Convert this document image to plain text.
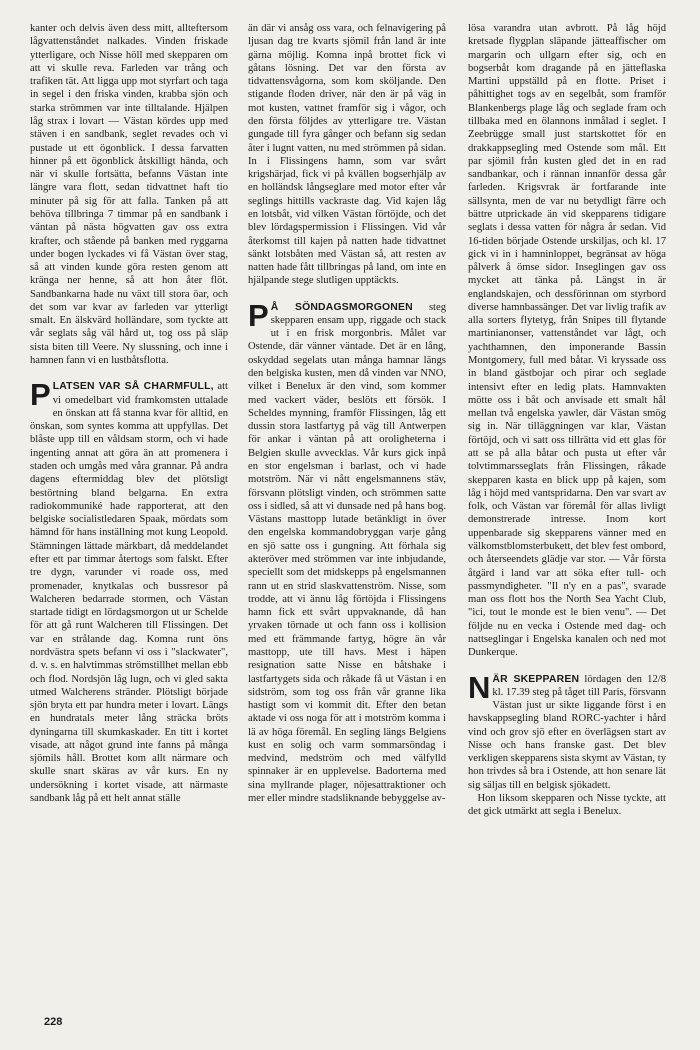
kanter och delvis även dess mitt, allteftersom lågvattenståndet nalkades. Vinden friskade ytterligare, och Nisse höll med skepparen om att vi skulle reva. Farleden var trång och trafiken tät. Att ligga upp mot styrfart och taga in segel i den friska vinden, krabba sjön och starka strömmen var inte tilltalande. Hjälpen låg strax i lovart — Västan kördes upp med stäven i en sandbank, seglet revades och vi pustade ut ett ögonblick. I dessa farvatten hinner på ett ögonblick åtskilligt hända, och när vi skulle fortsätta, befanns Västan inte längre vara flott, sedan tidvattnet haft tio minuter på sig för att falla. Tanken på att behöva tillbringa 7 timmar på en sandbank i väntan på nästa högvatten gav oss extra krafter, och stående på banken med ryggarna under bogen lyckades vi få Västan över stag, så att vinden kunde göra resten genom att kränga ner henne, så att hon åter flöt. Sandbankarna hade nu växt till stora öar, och det som var kvar av farleden var ytterligt smalt. En älskvärd holländare, som tyckte att vår seglats såg väl hård ut, tog oss på släp sista biten till Veere. Ny slussning, och inne i hamnen fann vi en lustbåtsflotta.

PLATSEN VAR SÅ CHARMFULL, att vi omedelbart vid framkomsten uttalade en önskan att få stanna kvar för alltid, en önskan, som syntes komma att uppfyllas. Det blåste upp till en våldsam storm, och vi hade ingenting annat att göra än att promenera i staden och umgås med våra grannar. På andra dagens eftermiddag blev det plötsligt bestörtning bland belgarna. En extra radiokommuniké hade rapporterat, att den belgiske socialistledaren Spaak, mördats som hämnd för hans inställning mot kung Leopold. Stämningen lättade märkbart, då meddelandet efter ett par timmar återtogs som falskt. Efter tre dygn, varunder vi roade oss, med promenader, knytkalas och bussresor på Walcheren bedarrade stormen, och Västan startade tidigt en lördagsmorgon ut ur Schelde för att gå runt Walcheren till Flissingen. Det var en strålande dag. Komna runt öns nordvästra spets befann vi oss i "slackwater", d. v. s. en halvtimmas strömstillhet mellan ebb och flod. Nordsjön låg lugn, och vi gled sakta utmed Walcherens stränder. Plötsligt började sjön bryta ett par hundra meter i lovart. Längs en hundratals meter lång sträcka bröts dyningarna till skumkaskader. En titt i kortet visade, att något grund inte fanns på många sjömils håll. Brottet kom allt närmare och skulle snart skäras av vår kurs. En ny undersökning i kortet visade, att närmaste sandbank låg på ett helt annat ställe

än där vi ansåg oss vara, och felnavigering på ljusan dag tre kvarts sjömil från land är inte gärna möjlig. Komna inpå brottet fick vi gåtans lösning. Det var den första av tidvattensvågorna, som kom sköljande. Den stigande floden driver, när den är på väg in mot kusten, vattnet framför sig i vågor, och den första följdes av ytterligare tre. Västan gungade till fyra gånger och befann sig sedan åter i lugnt vatten, nu med strömmen på sidan. In i Flissingens hamn, som var svårt krigshärjad, fick vi på kvällen bogserhjälp av en holländsk långseglare med motor efter vår seglings hittills vackraste dag. Vid kajen låg en lotsbåt, vid vilken Västan förtöjde, och det blev lördagspermission i Flissingen. Vid vår återkomst till kajen på natten hade tidvattnet sänkt lotsbåten med Västan så, att resten av natten hade fått tillbringas på land, om inte en hjälpande stege slutligen upptäckts.

P Å SÖNDAGSMORGONEN steg skepparen ensam upp, riggade och stack ut i en frisk morgonbris. Målet var Ostende, där vänner väntade. Det är en lång, oskyddad segelats utan många hamnar längs den belgiska kusten, men då vinden var NNO, vilket i Benelux är den vind, som kommer med vackert väder, beslöts ett försök. I Scheldes mynning, framför Flissingen, låg ett dussin stora lastfartyg på väg till Antwerpen för ankar i väntan på att oroligheterna i Belgien skulle avvecklas. Vår kurs gick inpå en stor engelsman i barlast, och vi hade motström. När vi nått engelsmannens stäv, försvann plötsligt vinden, och strömmen satte oss i sidled, så att vi dunsade ned på hans bog. Västans masttopp lutade betänkligt in över den engelska kommandobryggan varje gång en sjö satte oss i gungning. Att förhala sig akteröver med strömmen var inte inbjudande, speciellt som det midskepps på engelsmannen rann ut en strid slaskvattenström. Nisse, som trodde, att vi ännu låg förtöjda i Flissingens hamn fick ett svårt uppvaknande, då han yrvaken törnade ut och fann oss i kollision med ett främmande fartyg, högre än vår masttopp, ute till havs. Mest i häpen resignation satte Nisse en båtshake i lastfartygets sida och råkade få ut Västan i en sidström, som tog oss från vår granne lika hastigt som vi kommit dit. Efter den betan aktade vi oss noga för att i motström komma i lä av höga föremål. En segling längs Belgiens kust en solig och varm sommarsöndag i medvind, medström och med välfylld spinnaker är en upplevelse. Badorterna med sina myllrande plager, nöjesattraktioner och mer eller mindre stadsliknande bebyggelse av-

lösa varandra utan avbrott. På låg höjd kretsade flygplan släpande jätteaffischer om margarin och ullgarn efter sig, och en bogserbåt kom dragande på en jätteflaska Martini uppställd på en flotte. Priset i påhittighet togs av en segelbåt, som framför Blankenbergs plage låg och seglade fram och tillbaka med en ölannons inmålad i seglet. I Zeebrügge small just startskottet för en drakkappsegling med Ostende som mål. Ett par sjömil från kusten gled det in en rad sandbankar, och i rännan innanför dessa går farleden. Krigsvrak är fortfarande inte sällsynta, men de var nu betydligt färre och bättre utprickade än vid skepparens tidigare seglats i dessa vatten för några år sedan. Vid 16-tiden började Ostende urskiljas, och kl. 17 gick vi in i hamninloppet, begränsat av höga pålverk å ömse sidor. Inseglingen gav oss mycket att tänka på. Längst in är englandskajen, och dessförinnan om styrbord diverse hamnbassänger. Det var livlig trafik av alla sorters flytetyg, från Snipes till flytande martinianonser, vattenståndet var lågt, och yachthamnen, den imponerande Bassin Montgomery, full med båtar. Vi kryssade oss in bland gästbojar och pirar och seglade intensivt efter en ledig plats. Hamnvakten mötte oss i båt och anvisade ett smalt hål mellan två engelska yawler, där Västan smög sig in. När tilläggningen var klar, Västan förtöjd, och vi satt oss tillrätta vid ett glas för att se på alla båtar och pusta ut efter vår tolvtimmarsseglats från Flissingen, råkade skepparen kasta en blick upp på kajen, som låg i höjd med vantspridarna. Den var svart av folk, och Västan var föremål för allas livligt demonstrerade intresse. Inom kort uppenbarade sig skepparens vänner med en välkomstblomsterbukett, det blev fest ombord, och återseendets glädje var stor. — Vår första åtgärd i land var att söka efter tull- och passmyndigheter. "Il n'y en a pas", svarade man oss flott hos the North Sea Yacht Club, "ici, tout le monde est le bien venu". — Det följde nu en vecka i Ostende med dag- och nattseglingar i Engelska kanalen och ned mot Dunkerque.

NÄR SKEPPAREN lördagen den 12/8 kl. 17.39 steg på tåget till Paris, försvann Västan just ur sikte liggande först i en havskappsegling bland RORC-yachter i hård vind och grov sjö efter en överlägsen start av Nisse och hans franske gast. Det blev verkligen skepparens sista skymt av Västan, ty hon trivdes så bra i Ostende, att hon senare lät sig säljas till en belgisk sjökadett.

Hon liksom skepparen och Nisse tyckte, att det gick utmärkt att segla i Benelux.

228
